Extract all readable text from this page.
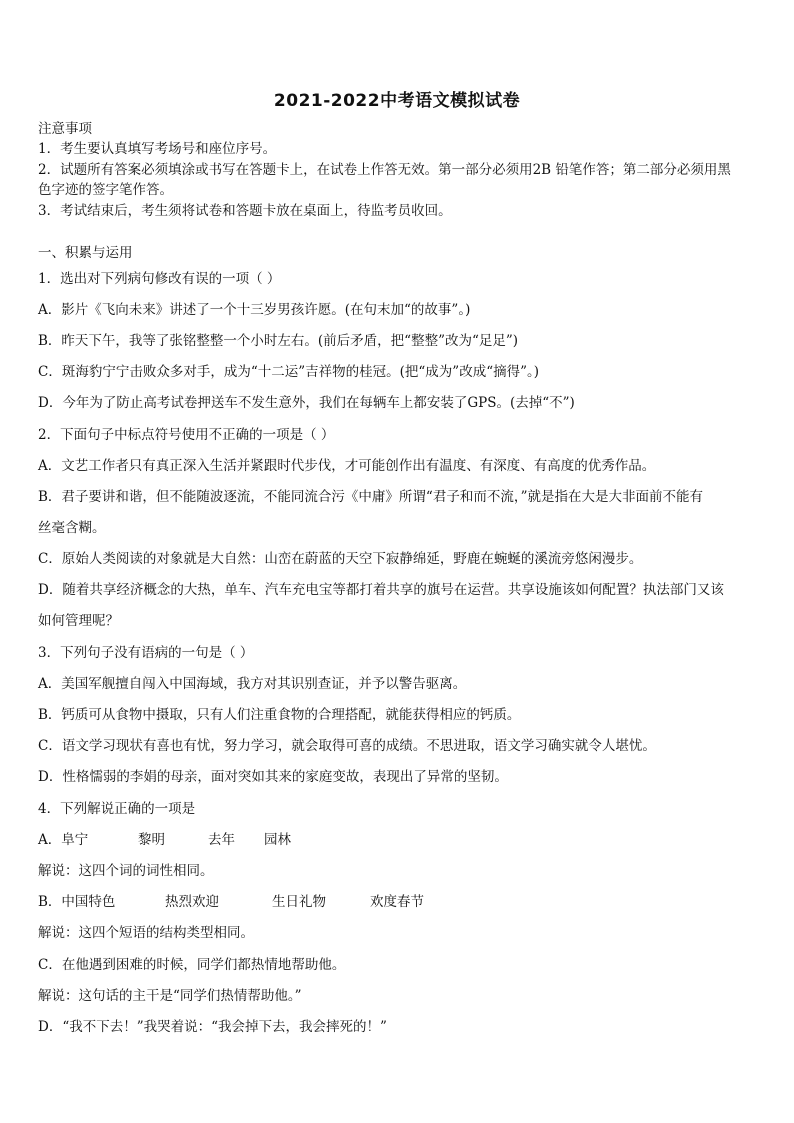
2021-2022中考语文模拟试卷
注意事项
1．考生要认真填写考场号和座位序号。
2．试题所有答案必须填涂或书写在答题卡上，在试卷上作答无效。第一部分必须用2B 铅笔作答；第二部分必须用黑
色字迹的签字笔作答。
3．考试结束后，考生须将试卷和答题卡放在桌面上，待监考员收回。
一、积累与运用
1．选出对下列病句修改有误的一项（ ）
A．影片《飞向未来》讲述了一个十三岁男孩许愿。(在句末加“的故事”。)
B．昨天下午，我等了张铭整整一个小时左右。(前后矛盾，把“整整”改为“足足”)
C．斑海豹宁宁击败众多对手，成为“十二运”吉祥物的桂冠。(把“成为”改成“摘得”。)
D．今年为了防止高考试卷押送车不发生意外，我们在每辆车上都安装了GPS。(去掉“不”)
2．下面句子中标点符号使用不正确的一项是（ ）
A．文艺工作者只有真正深入生活并紧跟时代步伐，才可能创作出有温度、有深度、有高度的优秀作品。
B．君子要讲和谐，但不能随波逐流，不能同流合污《中庸》所谓“君子和而不流，”就是指在大是大非面前不能有
丝毫含糊。
C．原始人类阅读的对象就是大自然：山峦在蔚蓝的天空下寂静绵延，野鹿在蜿蜒的溪流旁悠闲漫步。
D．随着共享经济概念的大热，单车、汽车充电宝等都打着共享的旗号在运营。共享设施该如何配置？执法部门又该
如何管理呢？
3．下列句子没有语病的一句是（ ）
A．美国军舰擅自闯入中国海域，我方对其识别查证，并予以警告驱离。
B．钙质可从食物中摄取，只有人们注重食物的合理搭配，就能获得相应的钙质。
C．语文学习现状有喜也有忧，努力学习，就会取得可喜的成绩。不思进取，语文学习确实就令人堪忧。
D．性格懦弱的李娟的母亲，面对突如其来的家庭变故，表现出了异常的坚韧。
4．下列解说正确的一项是
A．阜宁	黎明	去年 园林
解说：这四个词的词性相同。
B．中国特色	热烈欢迎	生日礼物	欢度春节
解说：这四个短语的结构类型相同。
C．在他遇到困难的时候，同学们都热情地帮助他。
解说：这句话的主干是“同学们热情帮助他。”
D．“我不下去！”我哭着说：“我会掉下去，我会摔死的！”
